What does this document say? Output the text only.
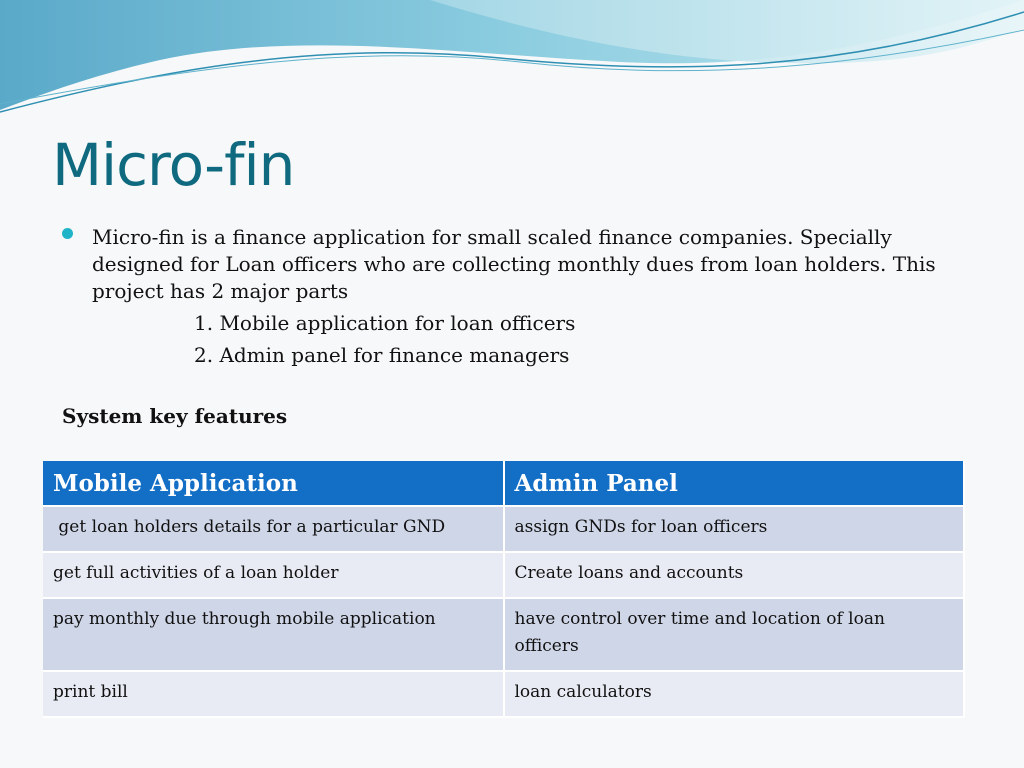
Micro-fin
Micro-fin is a finance application for small scaled finance companies. Specially designed for Loan officers who are collecting monthly dues from loan holders. This project has 2 major parts
1. Mobile application for loan officers
2. Admin panel for finance managers
System key features
Mobile Application	Admin Panel
get loan holders details for a particular GND	assign GNDs for loan officers
get full activities of a loan holder	Create loans and accounts
pay monthly due through mobile application	have control over time and location of loan officers
print bill	loan calculators
